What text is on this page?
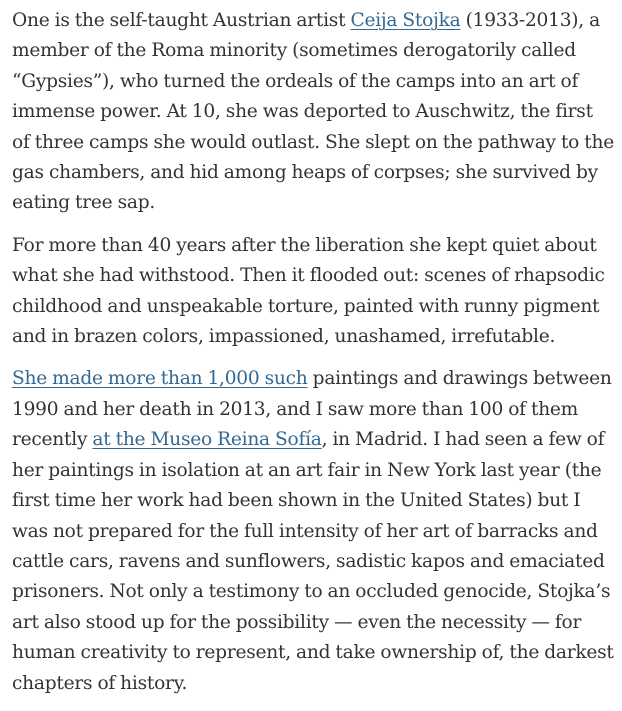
One is the self-taught Austrian artist Ceija Stojka (1933-2013), a member of the Roma minority (sometimes derogatorily called “Gypsies”), who turned the ordeals of the camps into an art of immense power. At 10, she was deported to Auschwitz, the first of three camps she would outlast. She slept on the pathway to the gas chambers, and hid among heaps of corpses; she survived by eating tree sap.

For more than 40 years after the liberation she kept quiet about what she had withstood. Then it flooded out: scenes of rhapsodic childhood and unspeakable torture, painted with runny pigment and in brazen colors, impassioned, unashamed, irrefutable.

She made more than 1,000 such paintings and drawings between 1990 and her death in 2013, and I saw more than 100 of them recently at the Museo Reina Sofía, in Madrid. I had seen a few of her paintings in isolation at an art fair in New York last year (the first time her work had been shown in the United States) but I was not prepared for the full intensity of her art of barracks and cattle cars, ravens and sunflowers, sadistic kapos and emaciated prisoners. Not only a testimony to an occluded genocide, Stojka’s art also stood up for the possibility — even the necessity — for human creativity to represent, and take ownership of, the darkest chapters of history.
